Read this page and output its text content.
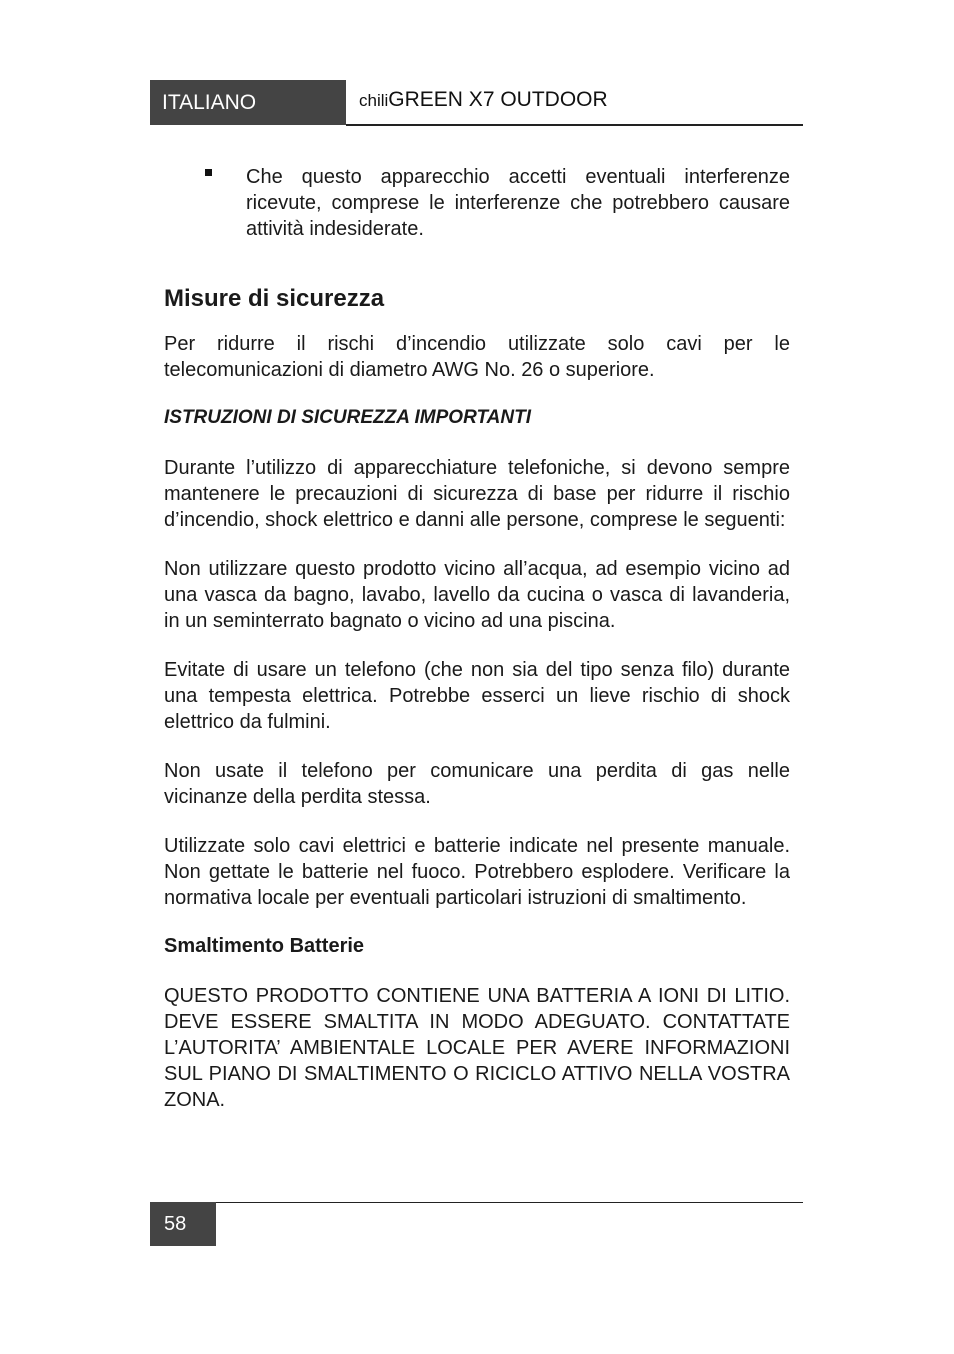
ITALIANO	chiliGREEN X7 OUTDOOR

Che questo apparecchio accetti eventuali interferenze ricevute, comprese le interferenze che potrebbero causare attività indesiderate.

Misure di sicurezza

Per ridurre il rischi d’incendio utilizzate solo cavi per le telecomunicazioni di diametro AWG No. 26 o superiore.

ISTRUZIONI DI SICUREZZA IMPORTANTI

Durante l’utilizzo di apparecchiature telefoniche, si devono sempre mantenere le precauzioni di sicurezza di base per ridurre il rischio d’incendio, shock elettrico e danni alle persone, comprese le seguenti:

Non utilizzare questo prodotto vicino all’acqua, ad esempio vicino ad una vasca da bagno, lavabo, lavello da cucina o vasca di lavanderia, in un seminterrato bagnato o vicino ad una piscina.

Evitate di usare un telefono (che non sia del tipo senza filo) durante una tempesta elettrica. Potrebbe esserci un lieve rischio di shock elettrico da fulmini.

Non usate il telefono per comunicare una perdita di gas nelle vicinanze della perdita stessa.

Utilizzate solo cavi elettrici e batterie indicate nel presente manuale. Non gettate le batterie nel fuoco. Potrebbero esplodere. Verificare la normativa locale per eventuali particolari istruzioni di smaltimento.

Smaltimento Batterie

QUESTO PRODOTTO CONTIENE UNA BATTERIA A IONI DI LITIO. DEVE ESSERE SMALTITA IN MODO ADEGUATO. CONTATTATE L’AUTORITA’ AMBIENTALE LOCALE PER AVERE INFORMAZIONI SUL PIANO DI SMALTIMENTO O RICICLO ATTIVO NELLA VOSTRA ZONA.

58
